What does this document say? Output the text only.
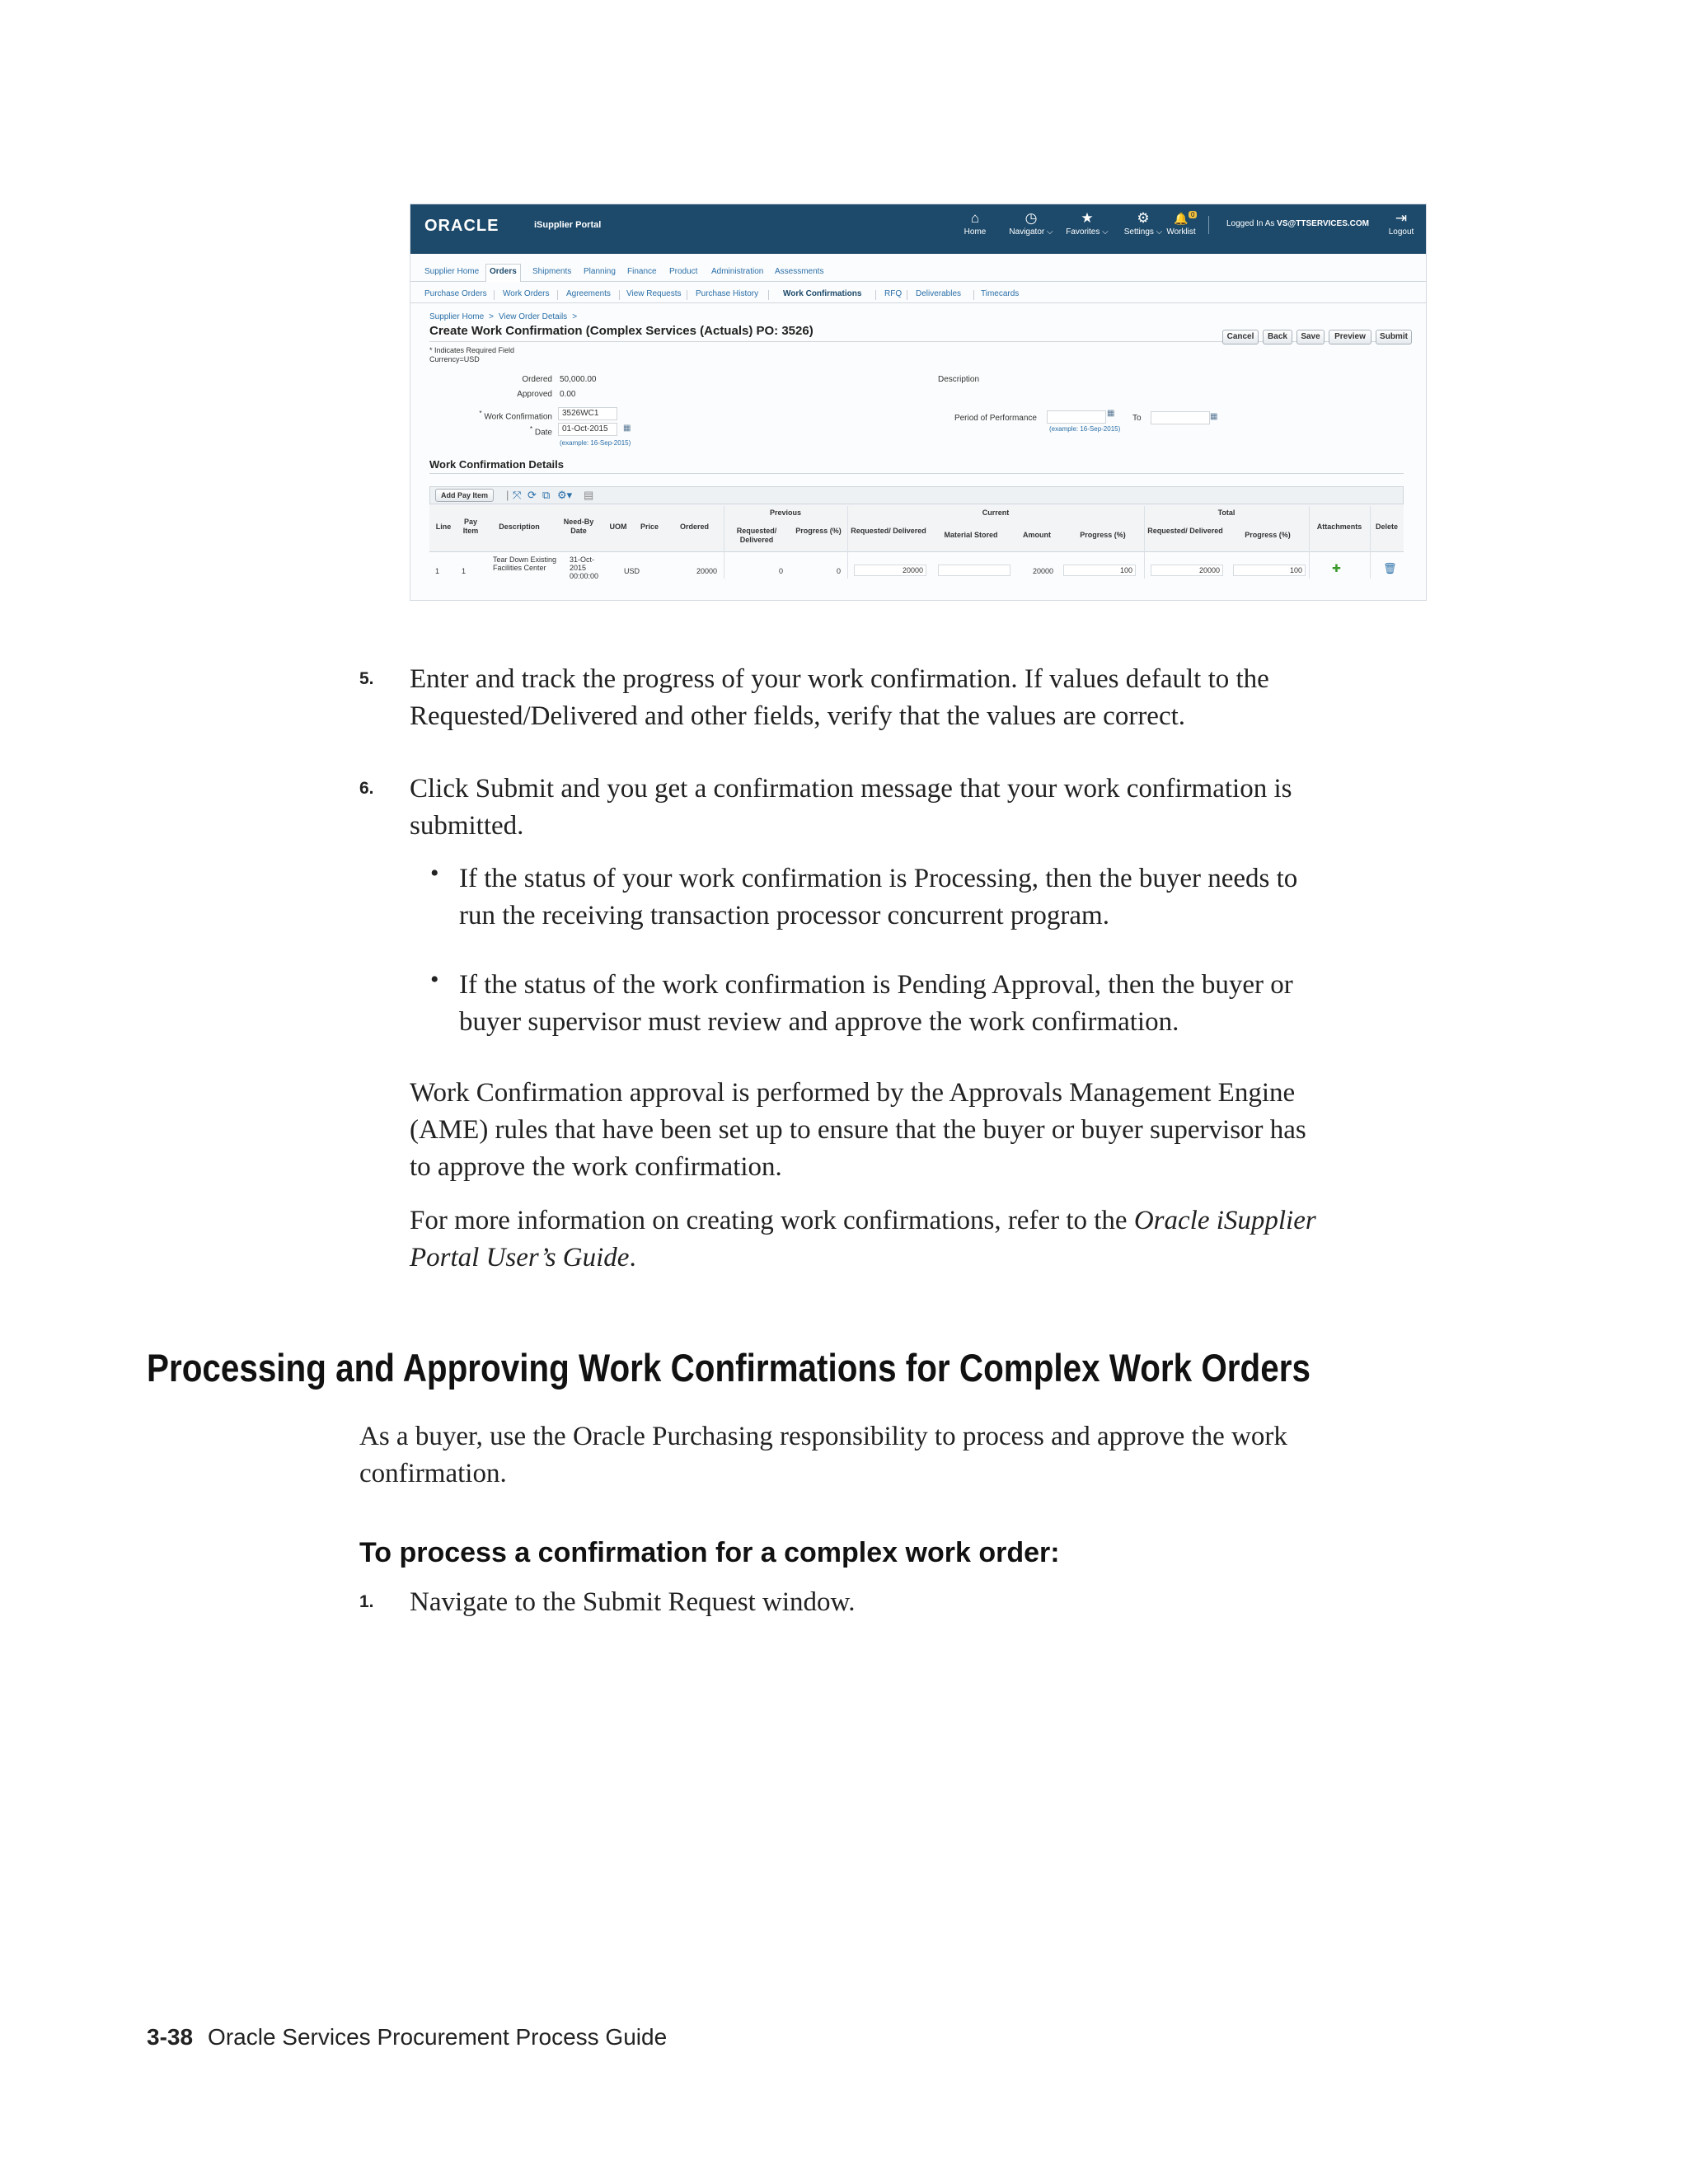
ORACLE	iSupplier Portal	⌂
Home
◷
Navigator ⌵
★
Favorites ⌵
⚙
Settings ⌵
🔔 0
Worklist
Logged In As VS@TTSERVICES.COM	⇥
Logout
Supplier Home	Orders	Shipments Planning Finance Product Administration Assessments
Purchase Orders Work Orders Agreements View Requests Purchase History	Work Confirmations	RFQ Deliverables Timecards
Supplier Home > View Order Details >
Create Work Confirmation (Complex Services (Actuals) PO: 3526)	Cancel	Back	Save	Preview	Submit
* Indicates Required Field
Currency=USD
Ordered 50,000.00
Approved 0.00
* Work Confirmation	3526WC1
* Date	01-Oct-2015	▦
(example: 16-Sep-2015)
Description
Period of Performance
▦
(example: 16-Sep-2015)
To	▦
Work Confirmation Details
Add Pay Item	| ⤧ ⟳ ⧉ ⚙▾ ▤
Previous	Current	Total
Line
Pay Item	Description
Need-By Date	UOM	Price	Ordered	Requested/ Delivered
Progress (%)	Requested/ Delivered	Material Stored	Amount	Progress (%)	Requested/ Delivered	Progress (%)
Attachments	Delete
1	1
Tear Down Existing Facilities Center
31-Oct- 2015 00:00:00
USD	20000	0	0	20000	20000	100	20000	100	✚	🗑
5. Enter and track the progress of your work confirmation. If values default to the
Requested/Delivered and other fields, verify that the values are correct.
6. Click Submit and you get a confirmation message that your work confirmation is
submitted.
• If the status of your work confirmation is Processing, then the buyer needs to
run the receiving transaction processor concurrent program.
• If the status of the work confirmation is Pending Approval, then the buyer or
buyer supervisor must review and approve the work confirmation.
Work Confirmation approval is performed by the Approvals Management Engine
(AME) rules that have been set up to ensure that the buyer or buyer supervisor has
to approve the work confirmation.
For more information on creating work confirmations, refer to the Oracle iSupplier
Portal User’s Guide.
Processing and Approving Work Confirmations for Complex Work Orders
As a buyer, use the Oracle Purchasing responsibility to process and approve the work
confirmation.
To process a confirmation for a complex work order:
1. Navigate to the Submit Request window.
3-38 Oracle Services Procurement Process Guide
